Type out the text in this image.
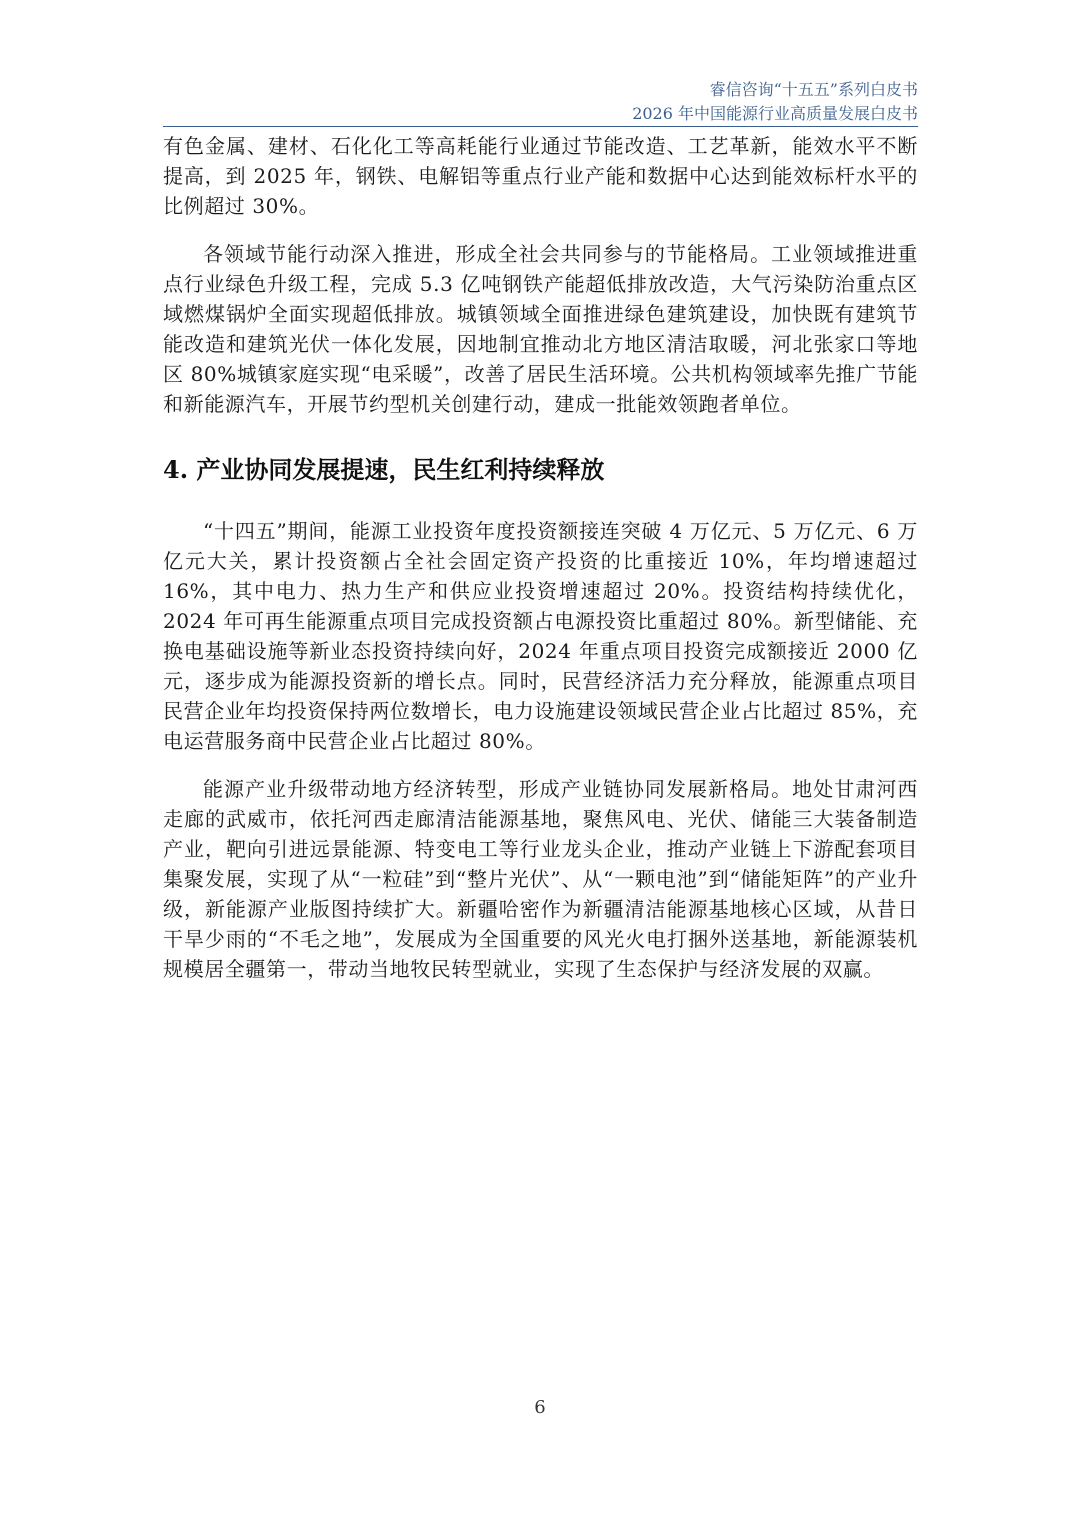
睿信咨询“十五五”系列白皮书
2026 年中国能源行业高质量发展白皮书

有色金属、建材、石化化工等高耗能行业通过节能改造、工艺革新，能效水平不断提高，到 2025 年，钢铁、电解铝等重点行业产能和数据中心达到能效标杆水平的比例超过 30%。

各领域节能行动深入推进，形成全社会共同参与的节能格局。工业领域推进重点行业绿色升级工程，完成 5.3 亿吨钢铁产能超低排放改造，大气污染防治重点区域燃煤锅炉全面实现超低排放。城镇领域全面推进绿色建筑建设，加快既有建筑节能改造和建筑光伏一体化发展，因地制宜推动北方地区清洁取暖，河北张家口等地区 80%城镇家庭实现“电采暖”，改善了居民生活环境。公共机构领域率先推广节能和新能源汽车，开展节约型机关创建行动，建成一批能效领跑者单位。

4. 产业协同发展提速，民生红利持续释放

“十四五”期间，能源工业投资年度投资额接连突破 4 万亿元、5 万亿元、6 万亿元大关，累计投资额占全社会固定资产投资的比重接近 10%，年均增速超过 16%，其中电力、热力生产和供应业投资增速超过 20%。投资结构持续优化，2024 年可再生能源重点项目完成投资额占电源投资比重超过 80%。新型储能、充换电基础设施等新业态投资持续向好，2024 年重点项目投资完成额接近 2000 亿元，逐步成为能源投资新的增长点。同时，民营经济活力充分释放，能源重点项目民营企业年均投资保持两位数增长，电力设施建设领域民营企业占比超过 85%，充电运营服务商中民营企业占比超过 80%。

能源产业升级带动地方经济转型，形成产业链协同发展新格局。地处甘肃河西走廊的武威市，依托河西走廊清洁能源基地，聚焦风电、光伏、储能三大装备制造产业，靶向引进远景能源、特变电工等行业龙头企业，推动产业链上下游配套项目集聚发展，实现了从“一粒硅”到“整片光伏”、从“一颗电池”到“储能矩阵”的产业升级，新能源产业版图持续扩大。新疆哈密作为新疆清洁能源基地核心区域，从昔日干旱少雨的“不毛之地”，发展成为全国重要的风光火电打捆外送基地，新能源装机规模居全疆第一，带动当地牧民转型就业，实现了生态保护与经济发展的双赢。

6
